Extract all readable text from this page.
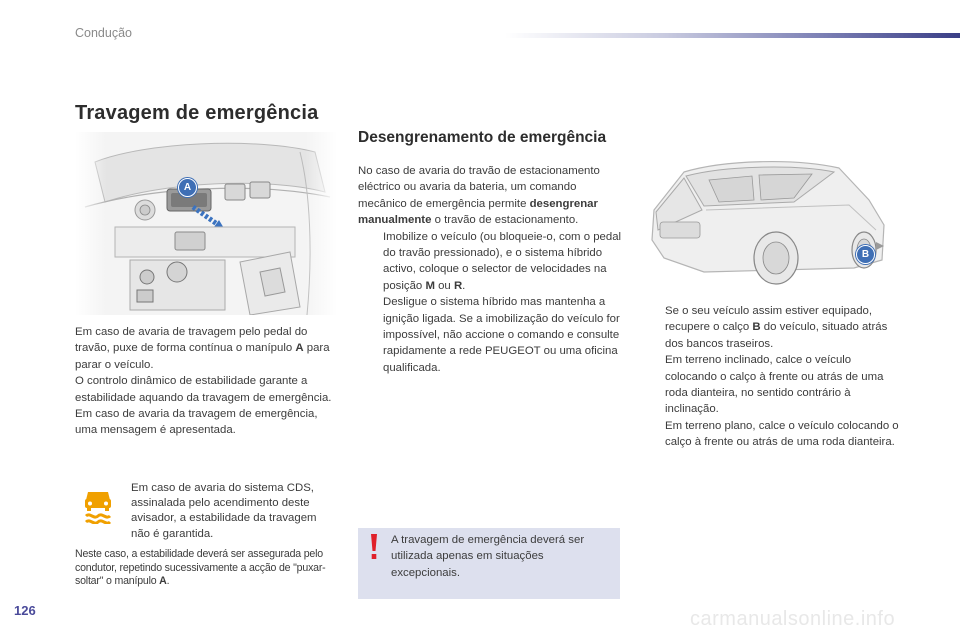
Condução
Travagem de emergência
A
Em caso de avaria de travagem pelo pedal do travão, puxe de forma contínua o manípulo A para parar o veículo.
O controlo dinâmico de estabilidade garante a estabilidade aquando da travagem de emergência.
Em caso de avaria da travagem de emergência, uma mensagem é apresentada.
Em caso de avaria do sistema CDS, assinalada pelo acendimento deste avisador, a estabilidade da travagem não é garantida.
Neste caso, a estabilidade deverá ser assegurada pelo condutor, repetindo sucessivamente a acção de "puxar-soltar" o manípulo A.
Desengrenamento de emergência
No caso de avaria do travão de estacionamento eléctrico ou avaria da bateria, um comando mecânico de emergência permite desengrenar manualmente o travão de estacionamento.
Imobilize o veículo (ou bloqueie-o, com o pedal do travão pressionado), e o sistema híbrido activo, coloque o selector de velocidades na posição M ou R.
Desligue o sistema híbrido mas mantenha a ignição ligada. Se a imobilização do veículo for impossível, não accione o comando e consulte rapidamente a rede PEUGEOT ou uma oficina qualificada.
A travagem de emergência deverá ser utilizada apenas em situações excepcionais.
B
Se o seu veículo assim estiver equipado, recupere o calço B do veículo, situado atrás dos bancos traseiros.
Em terreno inclinado, calce o veículo colocando o calço à frente ou atrás de uma roda dianteira, no sentido contrário à inclinação.
Em terreno plano, calce o veículo colocando o calço à frente ou atrás de uma roda dianteira.
126	carmanualsonline.info
